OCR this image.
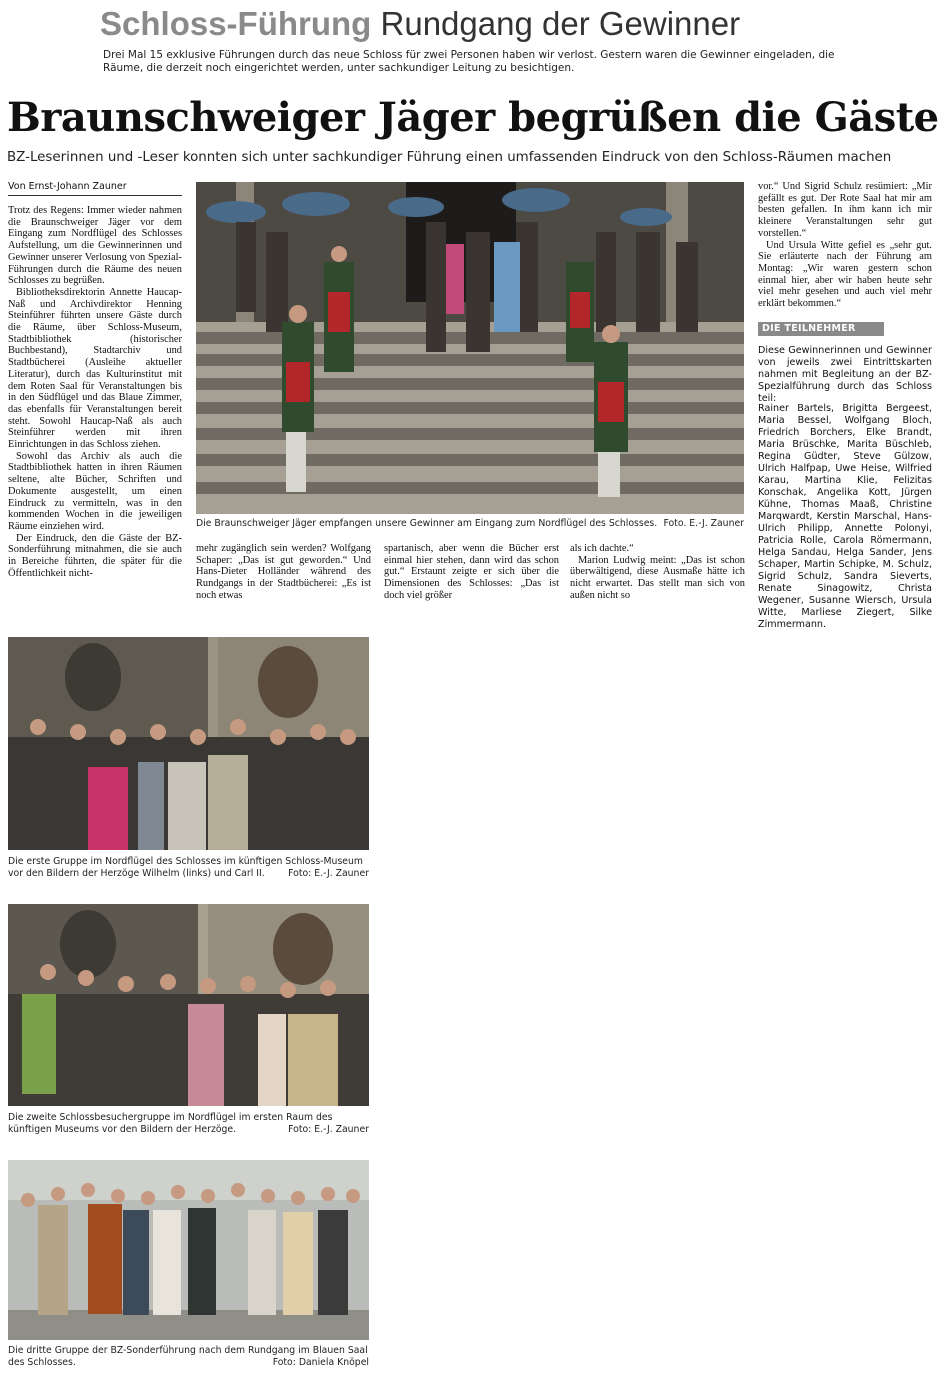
Schloss-Führung Rundgang der Gewinner
Drei Mal 15 exklusive Führungen durch das neue Schloss für zwei Personen haben wir verlost. Gestern waren die Gewinner eingeladen, die Räume, die derzeit noch eingerichtet werden, unter sachkundiger Leitung zu besichtigen.
Braunschweiger Jäger begrüßen die Gäste
BZ-Leserinnen und -Leser konnten sich unter sachkundiger Führung einen umfassenden Eindruck von den Schloss-Räumen machen
Von Ernst-Johann Zauner

Trotz des Regens: Immer wieder nahmen die Braunschweiger Jäger vor dem Eingang zum Nordflügel des Schlosses Aufstellung, um die Gewinnerinnen und Gewinner unserer Verlosung von Spezial-Führungen durch die Räume des neuen Schlosses zu begrüßen.

Bibliotheksdirektorin Annette Haucap-Naß und Archivdirektor Henning Steinführer führten unsere Gäste durch die Räume, über Schloss-Museum, Stadtbibliothek (historischer Buchbestand), Stadtarchiv und Stadtbücherei (Ausleihe aktueller Literatur), durch das Kulturinstitut mit dem Roten Saal für Veranstaltungen bis in den Südflügel und das Blaue Zimmer, das ebenfalls für Veranstaltungen bereit steht. Sowohl Haucap-Naß als auch Steinführer werden mit ihren Einrichtungen in das Schloss ziehen.

Sowohl das Archiv als auch die Stadtbibliothek hatten in ihren Räumen seltene, alte Bücher, Schriften und Dokumente ausgestellt, um einen Eindruck zu vermitteln, was in den kommenden Wochen in die jeweiligen Räume einziehen wird.

Der Eindruck, den die Gäste der BZ-Sonderführung mitnahmen, die sie auch in Bereiche führten, die später für die Öffentlichkeit nicht-

Foto. E.-J. Zauner
Die Braunschweiger Jäger empfangen unsere Gewinner am Eingang zum Nordflügel des Schlosses.

mehr zugänglich sein werden? Wolfgang Schaper: „Das ist gut geworden.“ Und Hans-Dieter Holländer während des Rundgangs in der Stadtbücherei: „Es ist noch etwas

spartanisch, aber wenn die Bücher erst einmal hier stehen, dann wird das schon gut.“ Erstaunt zeigte er sich über die Dimensionen des Schlosses: „Das ist doch viel größer

als ich dachte.“

Marion Ludwig meint: „Das ist schon überwältigend, diese Ausmaße hätte ich nicht erwartet. Das stellt man sich von außen nicht so

vor.“ Und Sigrid Schulz resümiert: „Mir gefällt es gut. Der Rote Saal hat mir am besten gefallen. In ihm kann ich mir kleinere Veranstaltungen sehr gut vorstellen.“

Und Ursula Witte gefiel es „sehr gut. Sie erläuterte nach der Führung am Montag: „Wir waren gestern schon einmal hier, aber wir haben heute sehr viel mehr gesehen und auch viel mehr erklärt bekommen.“

DIE TEILNEHMER
Diese Gewinnerinnen und Gewinner von jeweils zwei Eintrittskarten nahmen mit Begleitung an der BZ-Spezialführung durch das Schloss teil:
Rainer Bartels, Brigitta Bergeest, Maria Bessel, Wolfgang Bloch, Friedrich Borchers, Elke Brandt, Maria Brüschke, Marita Büschleb, Regina Güdter, Steve Gülzow, Ulrich Halfpap, Uwe Heise, Wilfried Karau, Martina Klie, Felizitas Konschak, Angelika Kott, Jürgen Kühne, Thomas Maaß, Christine Marqwardt, Kerstin Marschal, Hans-Ulrich Philipp, Annette Polonyi, Patricia Rolle, Carola Römermann, Helga Sandau, Helga Sander, Jens Schaper, Martin Schipke, M. Schulz, Sigrid Schulz, Sandra Sieverts, Renate Sinagowitz, Christa Wegener, Susanne Wiersch, Ursula Witte, Marliese Ziegert, Silke Zimmermann.
Die erste Gruppe im Nordflügel des Schlosses im künftigen Schloss-Museum vor den Bildern der Herzöge Wilhelm (links) und Carl II.	Foto: E.-J. Zauner
Die zweite Schlossbesuchergruppe im Nordflügel im ersten Raum des künftigen Museums vor den Bildern der Herzöge.	Foto: E.-J. Zauner
Die dritte Gruppe der BZ-Sonderführung nach dem Rundgang im Blauen Saal des Schlosses.	Foto: Daniela Knöpel
